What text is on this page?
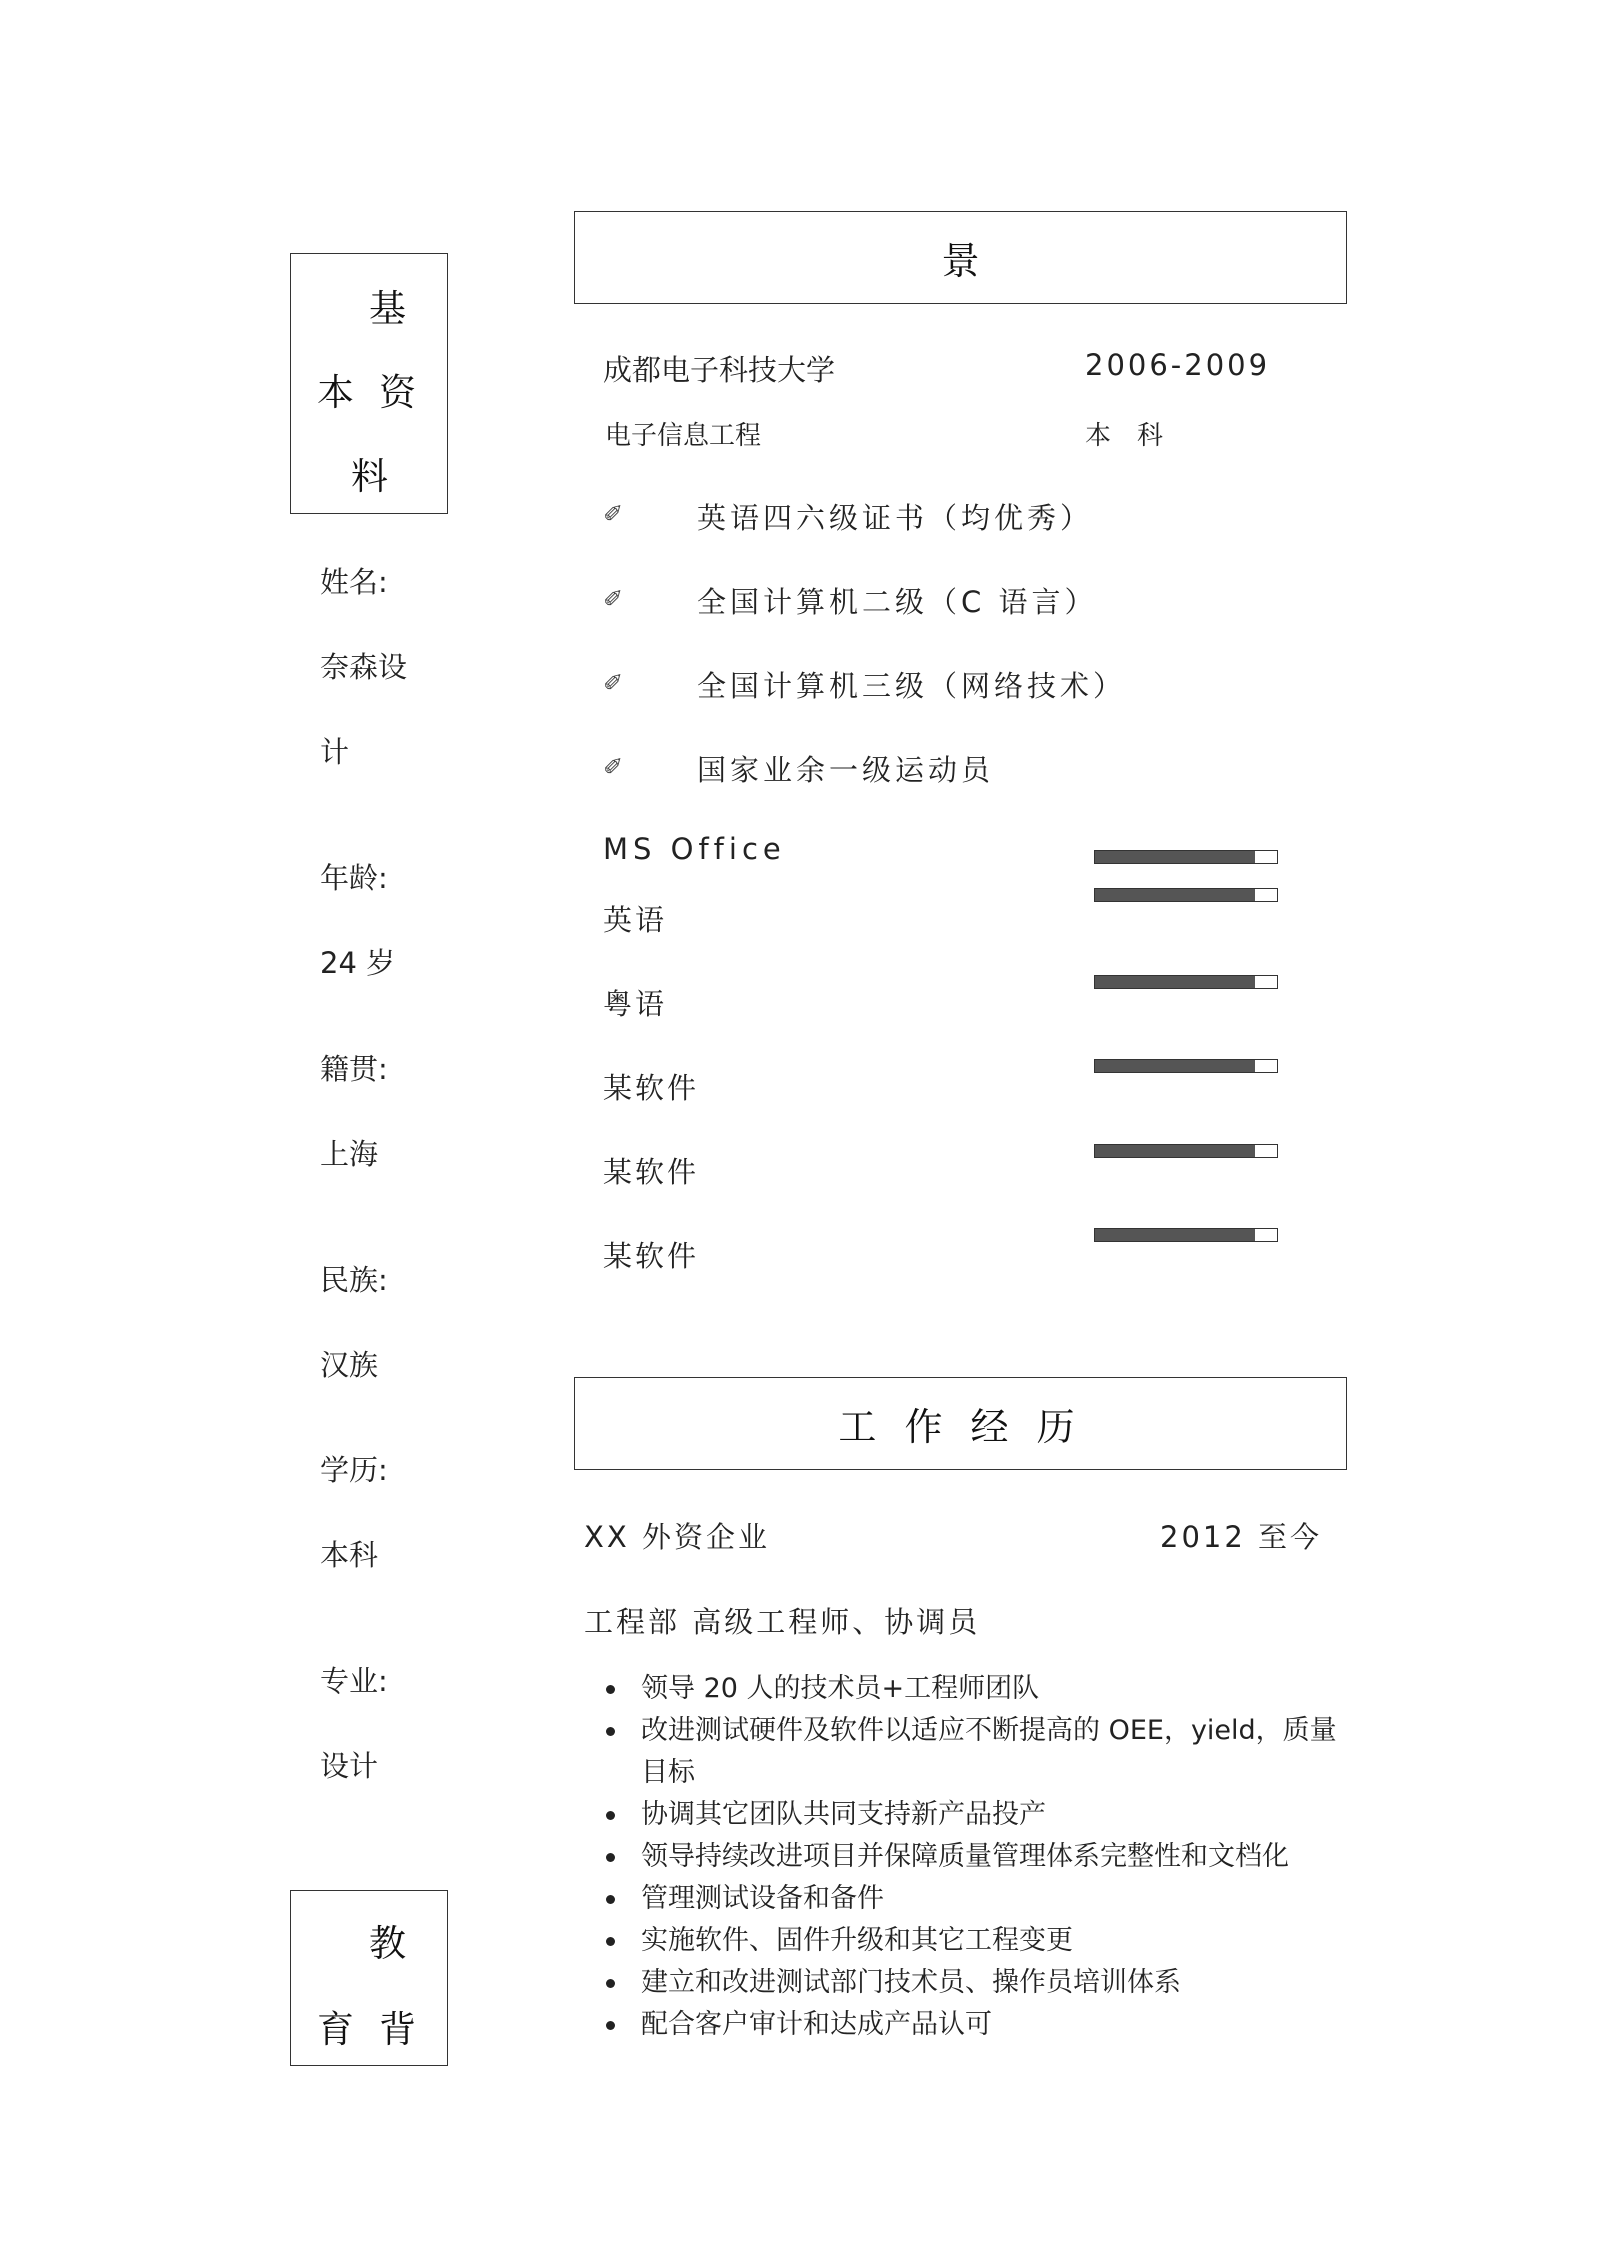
基
本 资
料
姓名:
奈森设
计
年龄:
24 岁
籍贯:
上海
民族:
汉族
学历:
本科
专业:
设计
教
育 背
景
成都电子科技大学	2006-2009
电子信息工程	本　科
✐	英语四六级证书（均优秀）
✐	全国计算机二级（C 语言）
✐	全国计算机三级（网络技术）
✐	国家业余一级运动员
MS Office
英语
粤语
某软件
某软件
某软件
工 作 经 历
XX 外资企业	2012 至今
工程部 高级工程师、协调员
领导 20 人的技术员+工程师团队
改进测试硬件及软件以适应不断提高的 OEE，yield，质量目标
协调其它团队共同支持新产品投产
领导持续改进项目并保障质量管理体系完整性和文档化
管理测试设备和备件
实施软件、固件升级和其它工程变更
建立和改进测试部门技术员、操作员培训体系
配合客户审计和达成产品认可
